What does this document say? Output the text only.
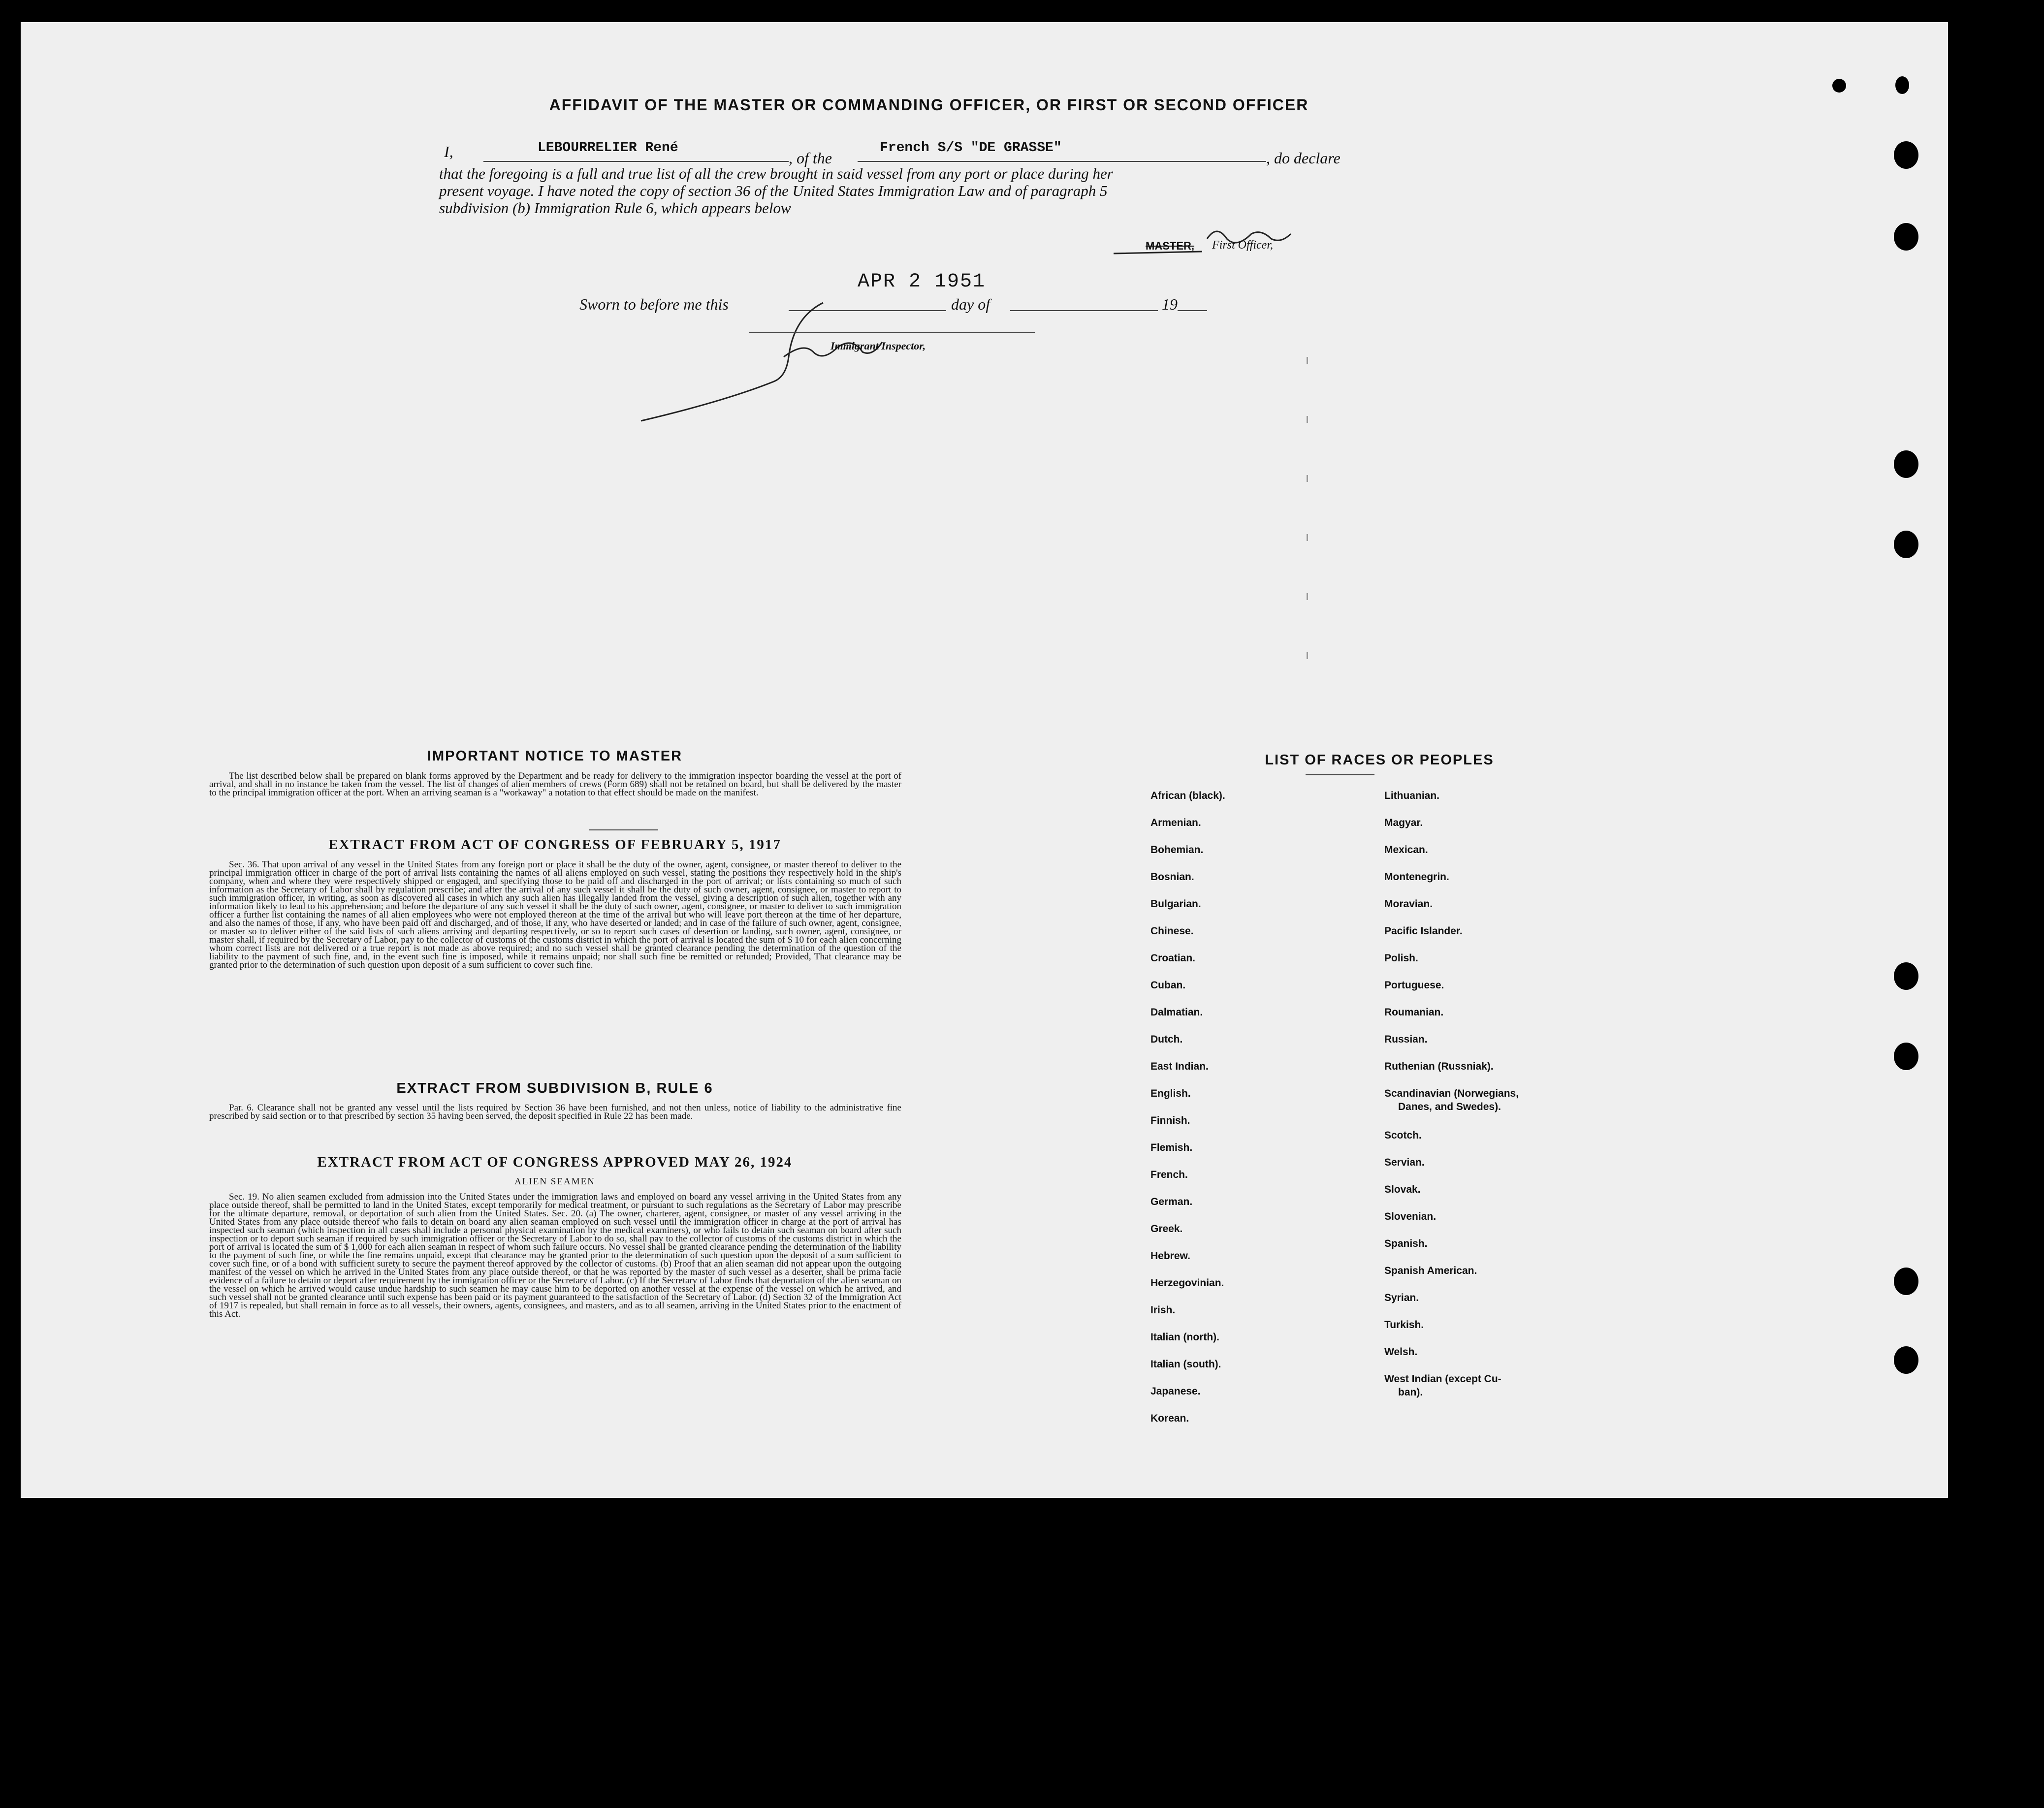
AFFIDAVIT OF THE MASTER OR COMMANDING OFFICER, OR FIRST OR SECOND OFFICER
I,	LEBOURRELIER René
, of the
French S/S "DE GRASSE"
, do declare
that the foregoing is a full and true list of all the crew brought in said vessel from any port or place during her
present voyage. I have noted the copy of section 36 of the United States Immigration Law and of paragraph 5
subdivision (b) Immigration Rule 6, which appears below
MASTER, First Officer,
Sworn to before me this
APR 2 1951
day of	19
Immigrant Inspector,
IMPORTANT NOTICE TO MASTER
The list described below shall be prepared on blank forms approved by the Department and be ready for delivery to the immigration inspector boarding the vessel at the port of arrival, and shall in no instance be taken from the vessel. The list of changes of alien members of crews (Form 689) shall not be retained on board, but shall be delivered by the master to the principal immigration officer at the port. When an arriving seaman is a "workaway" a notation to that effect should be made on the manifest.
EXTRACT FROM ACT OF CONGRESS OF FEBRUARY 5, 1917
Sec. 36. That upon arrival of any vessel in the United States from any foreign port or place it shall be the duty of the owner, agent, consignee, or master thereof to deliver to the principal immigration officer in charge of the port of arrival lists containing the names of all aliens employed on such vessel, stating the positions they respectively hold in the ship's company, when and where they were respectively shipped or engaged, and specifying those to be paid off and discharged in the port of arrival; or lists containing so much of such information as the Secretary of Labor shall by regulation prescribe; and after the arrival of any such vessel it shall be the duty of such owner, agent, consignee, or master to report to such immigration officer, in writing, as soon as discovered all cases in which any such alien has illegally landed from the vessel, giving a description of such alien, together with any information likely to lead to his apprehension; and before the departure of any such vessel it shall be the duty of such owner, agent, consignee, or master to deliver to such immigration officer a further list containing the names of all alien employees who were not employed thereon at the time of the arrival but who will leave port thereon at the time of her departure, and also the names of those, if any, who have been paid off and discharged, and of those, if any, who have deserted or landed; and in case of the failure of such owner, agent, consignee, or master so to deliver either of the said lists of such aliens arriving and departing respectively, or so to report such cases of desertion or landing, such owner, agent, consignee, or master shall, if required by the Secretary of Labor, pay to the collector of customs of the customs district in which the port of arrival is located the sum of $ 10 for each alien concerning whom correct lists are not delivered or a true report is not made as above required; and no such vessel shall be granted clearance pending the determination of the question of the liability to the payment of such fine, and, in the event such fine is imposed, while it remains unpaid; nor shall such fine be remitted or refunded; Provided, That clearance may be granted prior to the determination of such question upon deposit of a sum sufficient to cover such fine.
EXTRACT FROM SUBDIVISION B, RULE 6
Par. 6. Clearance shall not be granted any vessel until the lists required by Section 36 have been furnished, and not then unless, notice of liability to the administrative fine prescribed by said section or to that prescribed by section 35 having been served, the deposit specified in Rule 22 has been made.
EXTRACT FROM ACT OF CONGRESS APPROVED MAY 26, 1924
ALIEN SEAMEN
Sec. 19. No alien seamen excluded from admission into the United States under the immigration laws and employed on board any vessel arriving in the United States from any place outside thereof, shall be permitted to land in the United States, except temporarily for medical treatment, or pursuant to such regulations as the Secretary of Labor may prescribe for the ultimate departure, removal, or deportation of such alien from the United States. Sec. 20. (a) The owner, charterer, agent, consignee, or master of any vessel arriving in the United States from any place outside thereof who fails to detain on board any alien seaman employed on such vessel until the immigration officer in charge at the port of arrival has inspected such seaman (which inspection in all cases shall include a personal physical examination by the medical examiners), or who fails to detain such seaman on board after such inspection or to deport such seaman if required by such immigration officer or the Secretary of Labor to do so, shall pay to the collector of customs of the customs district in which the port of arrival is located the sum of $ 1,000 for each alien seaman in respect of whom such failure occurs. No vessel shall be granted clearance pending the determination of the liability to the payment of such fine, or while the fine remains unpaid, except that clearance may be granted prior to the determination of such question upon the deposit of a sum sufficient to cover such fine, or of a bond with sufficient surety to secure the payment thereof approved by the collector of customs. (b) Proof that an alien seaman did not appear upon the outgoing manifest of the vessel on which he arrived in the United States from any place outside thereof, or that he was reported by the master of such vessel as a deserter, shall be prima facie evidence of a failure to detain or deport after requirement by the immigration officer or the Secretary of Labor. (c) If the Secretary of Labor finds that deportation of the alien seaman on the vessel on which he arrived would cause undue hardship to such seamen he may cause him to be deported on another vessel at the expense of the vessel on which he arrived, and such vessel shall not be granted clearance until such expense has been paid or its payment guaranteed to the satisfaction of the Secretary of Labor. (d) Section 32 of the Immigration Act of 1917 is repealed, but shall remain in force as to all vessels, their owners, agents, consignees, and masters, and as to all seamen, arriving in the United States prior to the enactment of this Act.
LIST OF RACES OR PEOPLES
African (black).
Armenian.
Bohemian.
Bosnian.
Bulgarian.
Chinese.
Croatian.
Cuban.
Dalmatian.
Dutch.
East Indian.
English.
Finnish.
Flemish.
French.
German.
Greek.
Hebrew.
Herzegovinian.
Irish.
Italian (north).
Italian (south).
Japanese.
Korean.
Lithuanian.
Magyar.
Mexican.
Montenegrin.
Moravian.
Pacific Islander.
Polish.
Portuguese.
Roumanian.
Russian.
Ruthenian (Russniak).
Scandinavian (Norwegians,
Danes, and Swedes).
Scotch.
Servian.
Slovak.
Slovenian.
Spanish.
Spanish American.
Syrian.
Turkish.
Welsh.
West Indian (except Cu-
ban).
